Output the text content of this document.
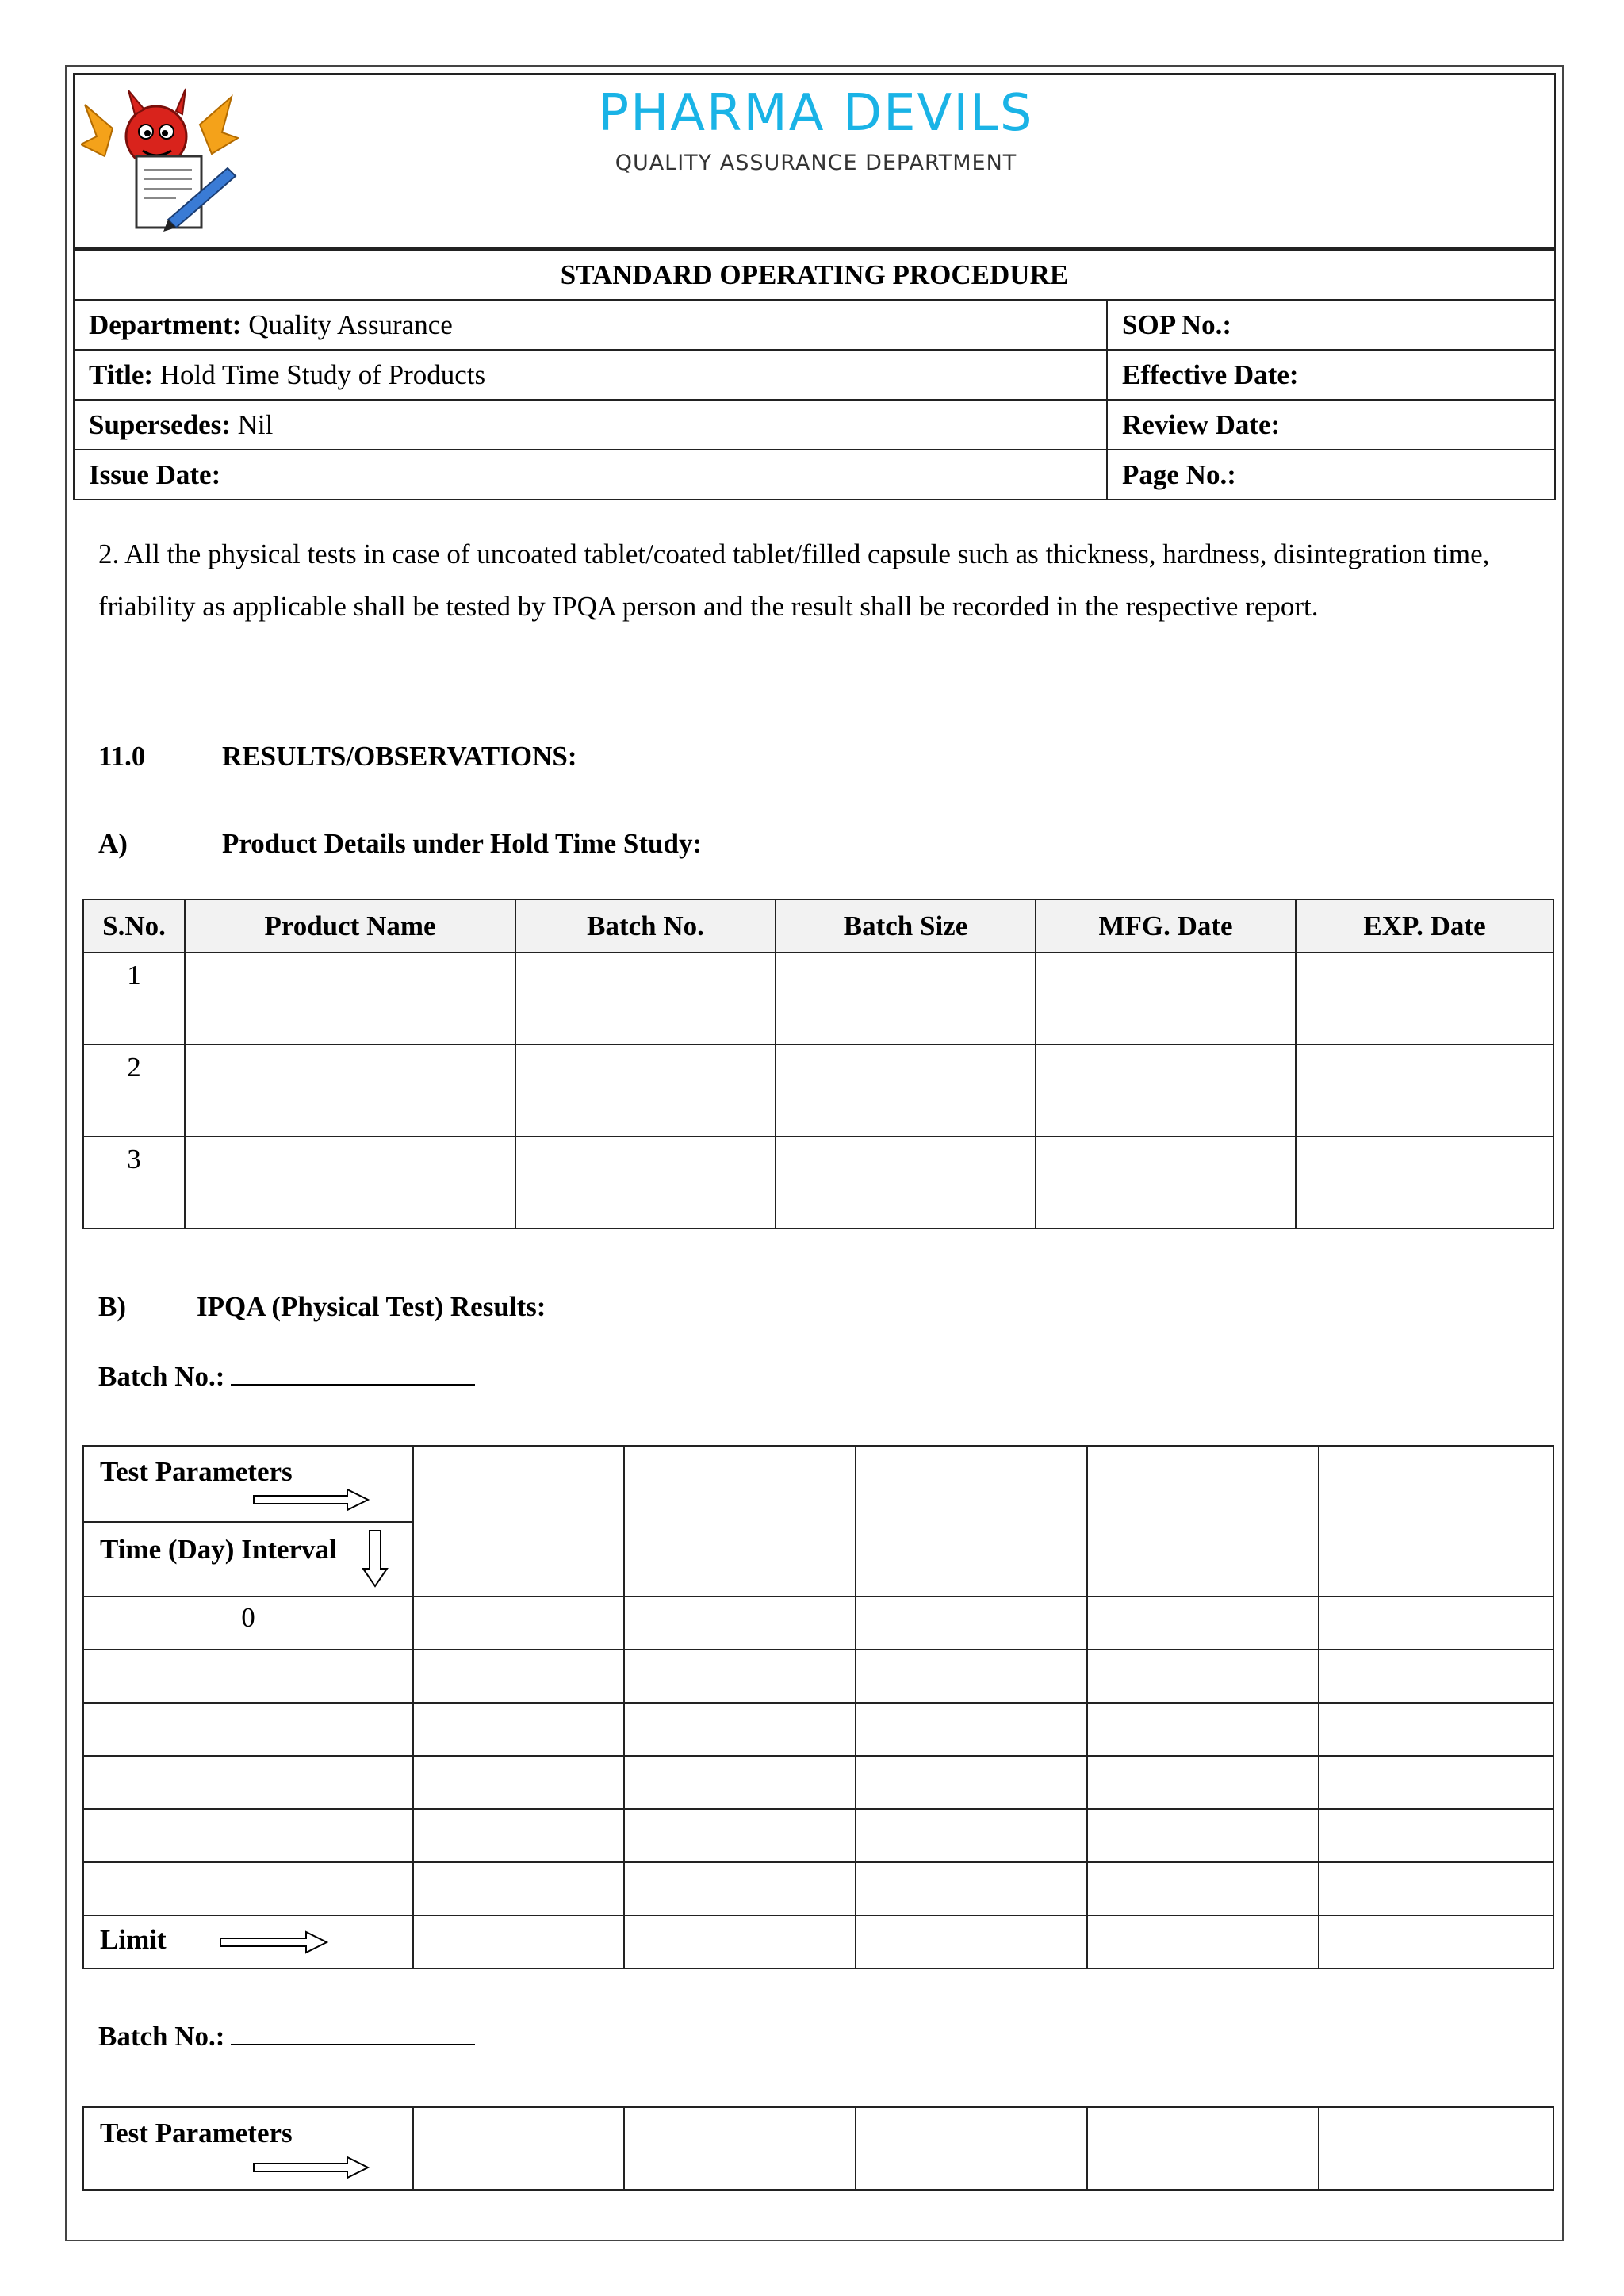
PHARMA DEVILS
QUALITY ASSURANCE DEPARTMENT
STANDARD OPERATING PROCEDURE	
Department: Quality Assurance	SOP No.:
Title: Hold Time Study of Products	Effective Date:
Supersedes: Nil	Review Date:
Issue Date:	Page No.:
2. All the physical tests in case of uncoated tablet/coated tablet/filled capsule such as thickness, hardness, disintegration time, friability as applicable shall be tested by IPQA person and the result shall be recorded in the respective report.
11.0	RESULTS/OBSERVATIONS:
A)	Product Details under Hold Time Study:
S.No.	Product Name	Batch No.	Batch Size	MFG. Date	EXP. Date
1					
2					
3					
B)	IPQA (Physical Test) Results:
Batch No.:
Test Parameters
Time (Day) Interval					

0					

Limit

Batch No.:
Test Parameters
